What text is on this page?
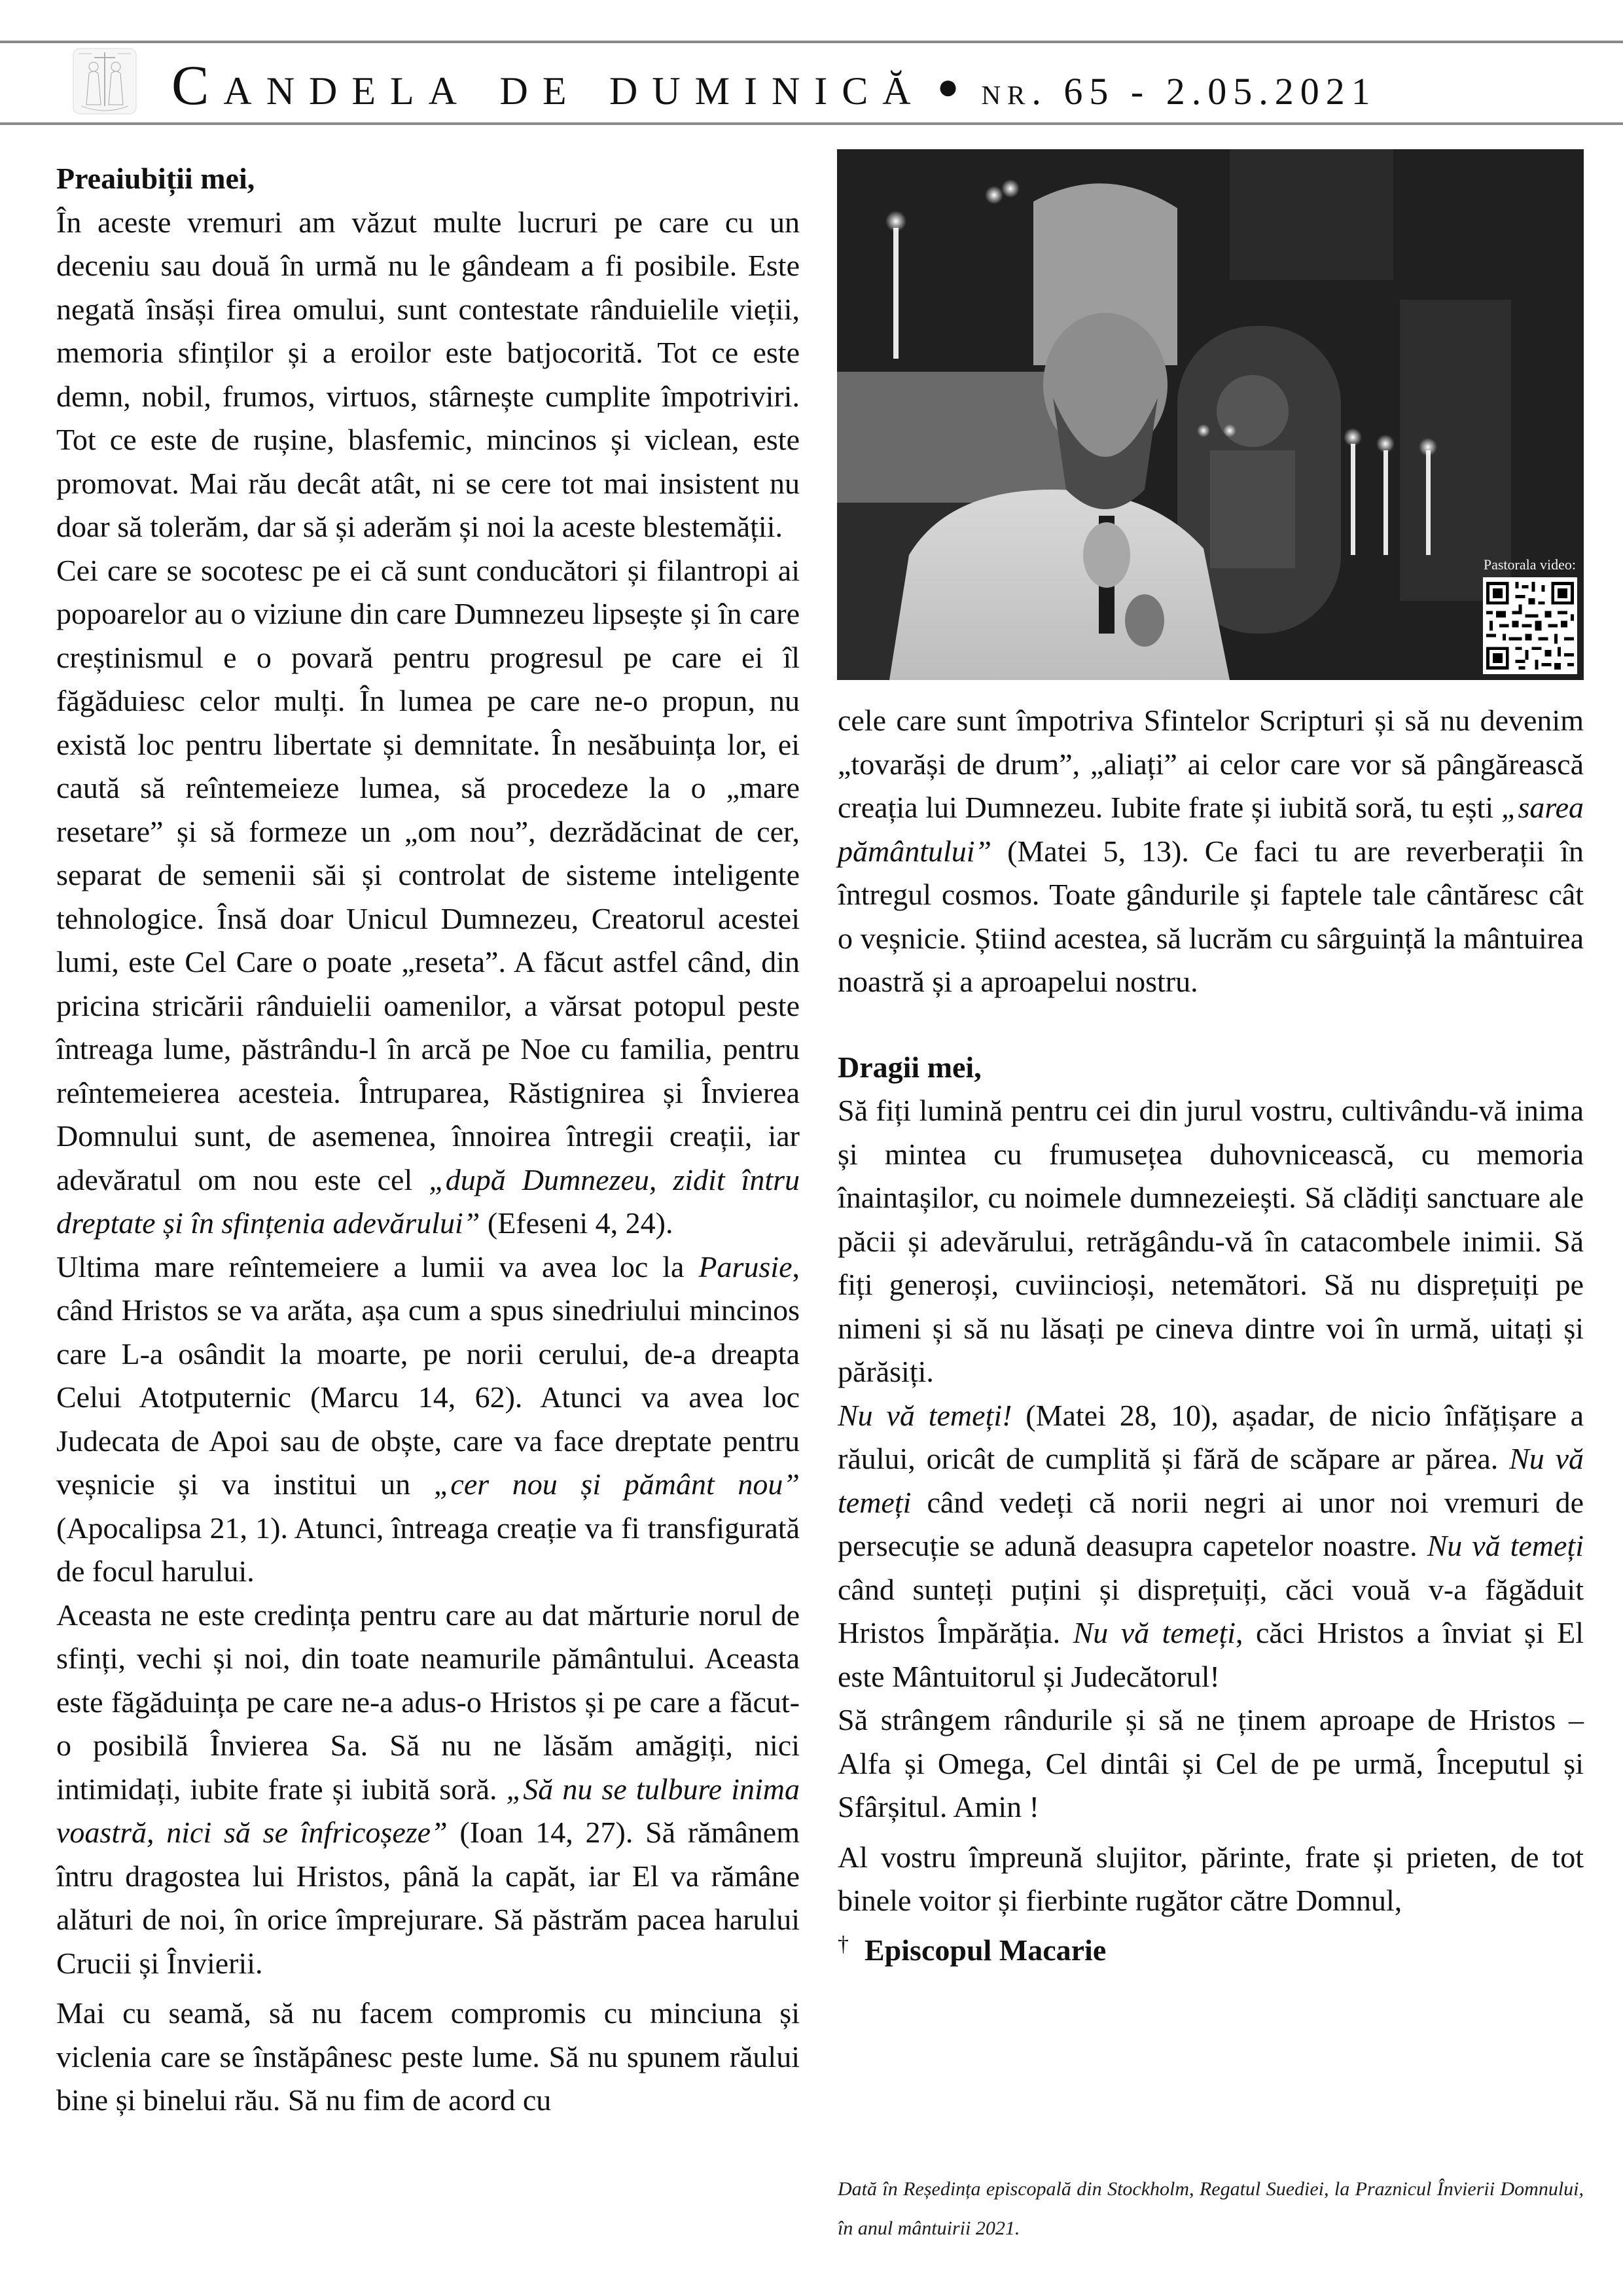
Candela de duminică ● nr. 65 - 2.05.2021
Pastorala video:

Preaiubiții mei,

În aceste vremuri am văzut multe lucruri pe care cu un deceniu sau două în urmă nu le gândeam a fi posibile. Este negată însăși firea omului, sunt contestate rânduielile vieții, memoria sfinților și a eroilor este batjocorită. Tot ce este demn, nobil, frumos, virtuos, stârnește cumplite împotriviri. Tot ce este de rușine, blasfemic, mincinos și viclean, este promovat. Mai rău decât atât, ni se cere tot mai insistent nu doar să tolerăm, dar să și aderăm și noi la aceste blestemății.

Cei care se socotesc pe ei că sunt conducători și filantropi ai popoarelor au o viziune din care Dumnezeu lipsește și în care creștinismul e o povară pentru progresul pe care ei îl făgăduiesc celor mulți. În lumea pe care ne-o propun, nu există loc pentru libertate și demnitate. În nesăbuința lor, ei caută să reîntemeieze lumea, să procedeze la o „mare resetare” și să formeze un „om nou”, dezrădăcinat de cer, separat de semenii săi și controlat de sisteme inteligente tehnologice. Însă doar Unicul Dumnezeu, Creatorul acestei lumi, este Cel Care o poate „reseta”. A făcut astfel când, din pricina stricării rânduielii oamenilor, a vărsat potopul peste întreaga lume, păstrându-l în arcă pe Noe cu familia, pentru reîntemeierea acesteia. Întruparea, Răstignirea și Învierea Domnului sunt, de asemenea, înnoirea întregii creații, iar adevăratul om nou este cel „după Dumnezeu, zidit întru dreptate și în sfințenia adevărului” (Efeseni 4, 24).

Ultima mare reîntemeiere a lumii va avea loc la Parusie, când Hristos se va arăta, așa cum a spus sinedriului mincinos care L-a osândit la moarte, pe norii cerului, de-a dreapta Celui Atotputernic (Marcu 14, 62). Atunci va avea loc Judecata de Apoi sau de obște, care va face dreptate pentru veșnicie și va institui un „cer nou și pământ nou” (Apocalipsa 21, 1). Atunci, întreaga creație va fi transfigurată de focul harului.

Aceasta ne este credința pentru care au dat mărturie norul de sfinți, vechi și noi, din toate neamurile pământului. Aceasta este făgăduința pe care ne-a adus-o Hristos și pe care a făcut-o posibilă Învierea Sa. Să nu ne lăsăm amăgiți, nici intimidați, iubite frate și iubită soră. „Să nu se tulbure inima voastră, nici să se înfricoșeze” (Ioan 14, 27). Să rămânem întru dragostea lui Hristos, până la capăt, iar El va rămâne alături de noi, în orice împrejurare. Să păstrăm pacea harului Crucii și Învierii.

Mai cu seamă, să nu facem compromis cu minciuna și viclenia care se înstăpânesc peste lume. Să nu spunem răului bine și binelui rău. Să nu fim de acord cu

cele care sunt împotriva Sfintelor Scripturi și să nu devenim „tovarăși de drum”, „aliați” ai celor care vor să pângărească creația lui Dumnezeu. Iubite frate și iubită soră, tu ești „sarea pământului” (Matei 5, 13). Ce faci tu are reverberații în întregul cosmos. Toate gândurile și faptele tale cântăresc cât o veșnicie. Știind acestea, să lucrăm cu sârguință la mântuirea noastră și a aproapelui nostru.

Dragii mei,

Să fiți lumină pentru cei din jurul vostru, cultivându-vă inima și mintea cu frumusețea duhovnicească, cu memoria înaintașilor, cu noimele dumnezeiești. Să clădiți sanctuare ale păcii și adevărului, retrăgându-vă în catacombele inimii. Să fiți generoși, cuviincioși, netemători. Să nu disprețuiți pe nimeni și să nu lăsați pe cineva dintre voi în urmă, uitați și părăsiți.

Nu vă temeți! (Matei 28, 10), așadar, de nicio înfățișare a răului, oricât de cumplită și fără de scăpare ar părea. Nu vă temeți când vedeți că norii negri ai unor noi vremuri de persecuție se adună deasupra capetelor noastre. Nu vă temeți când sunteți puțini și disprețuiți, căci vouă v-a făgăduit Hristos Împărăția. Nu vă temeți, căci Hristos a înviat și El este Mântuitorul și Judecătorul!

Să strângem rândurile și să ne ținem aproape de Hristos – Alfa și Omega, Cel dintâi și Cel de pe urmă, Începutul și Sfârșitul. Amin !

Al vostru împreună slujitor, părinte, frate și prieten, de tot binele voitor și fierbinte rugător către Domnul,

† Episcopul Macarie

Dată în Reședința episcopală din Stockholm, Regatul Suediei, la Praznicul Învierii Domnului, în anul mântuirii 2021.
